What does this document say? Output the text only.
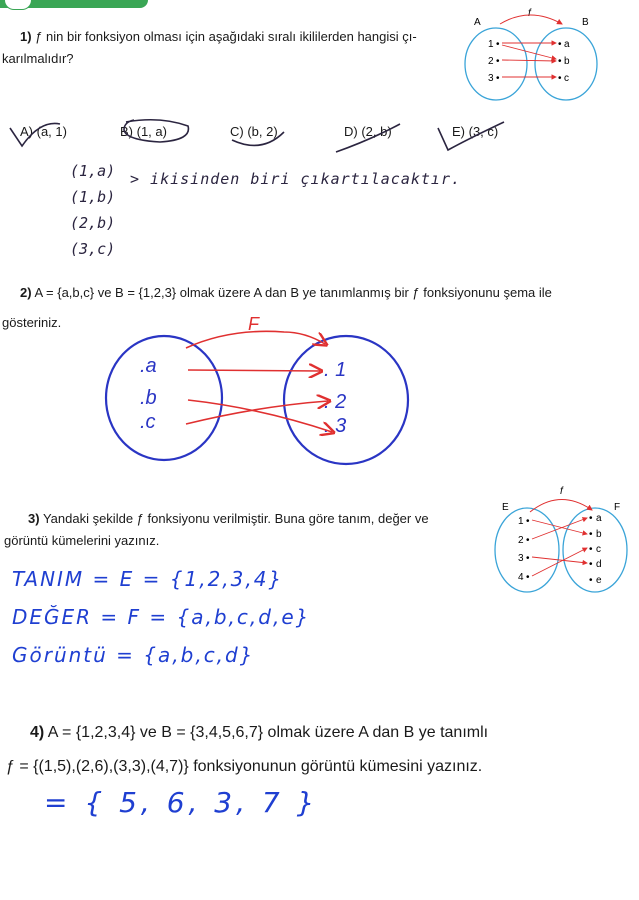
1) ƒ nin bir fonksiyon olması için aşağıdaki sıralı ikililerden hangisi çı-
karılmalıdır?
A	B
f
1
2
3
•
•
•
•
•
•
a
b
c
A) (a, 1)	B) (1, a)	C) (b, 2)	D) (2, b)	E) (3, c)
(1,a)
(1,b)
(2,b)
(3,c)
> ikisinden biri çıkartılacaktır.
2) A = {a,b,c} ve B = {1,2,3} olmak üzere A dan B ye tanımlanmış bir ƒ fonksiyonunu şema ile
gösteriniz.	F
.a
.b
.c
. 1
. 2
. 3
3) Yandaki şekilde ƒ fonksiyonu verilmiştir. Buna göre tanım, değer ve
görüntü kümelerini yazınız.
E	F
f
1
2
3
4
•
•
•
•
•
•
•
•
•
a
b
c
d
e
TANIM = E = {1,2,3,4}
DEĞER = F = {a,b,c,d,e}
Görüntü = {a,b,c,d}
4) A = {1,2,3,4} ve B = {3,4,5,6,7} olmak üzere A dan B ye tanımlı
ƒ = {(1,5),(2,6),(3,3),(4,7)} fonksiyonunun görüntü kümesini yazınız.
= { 5, 6, 3, 7 }
